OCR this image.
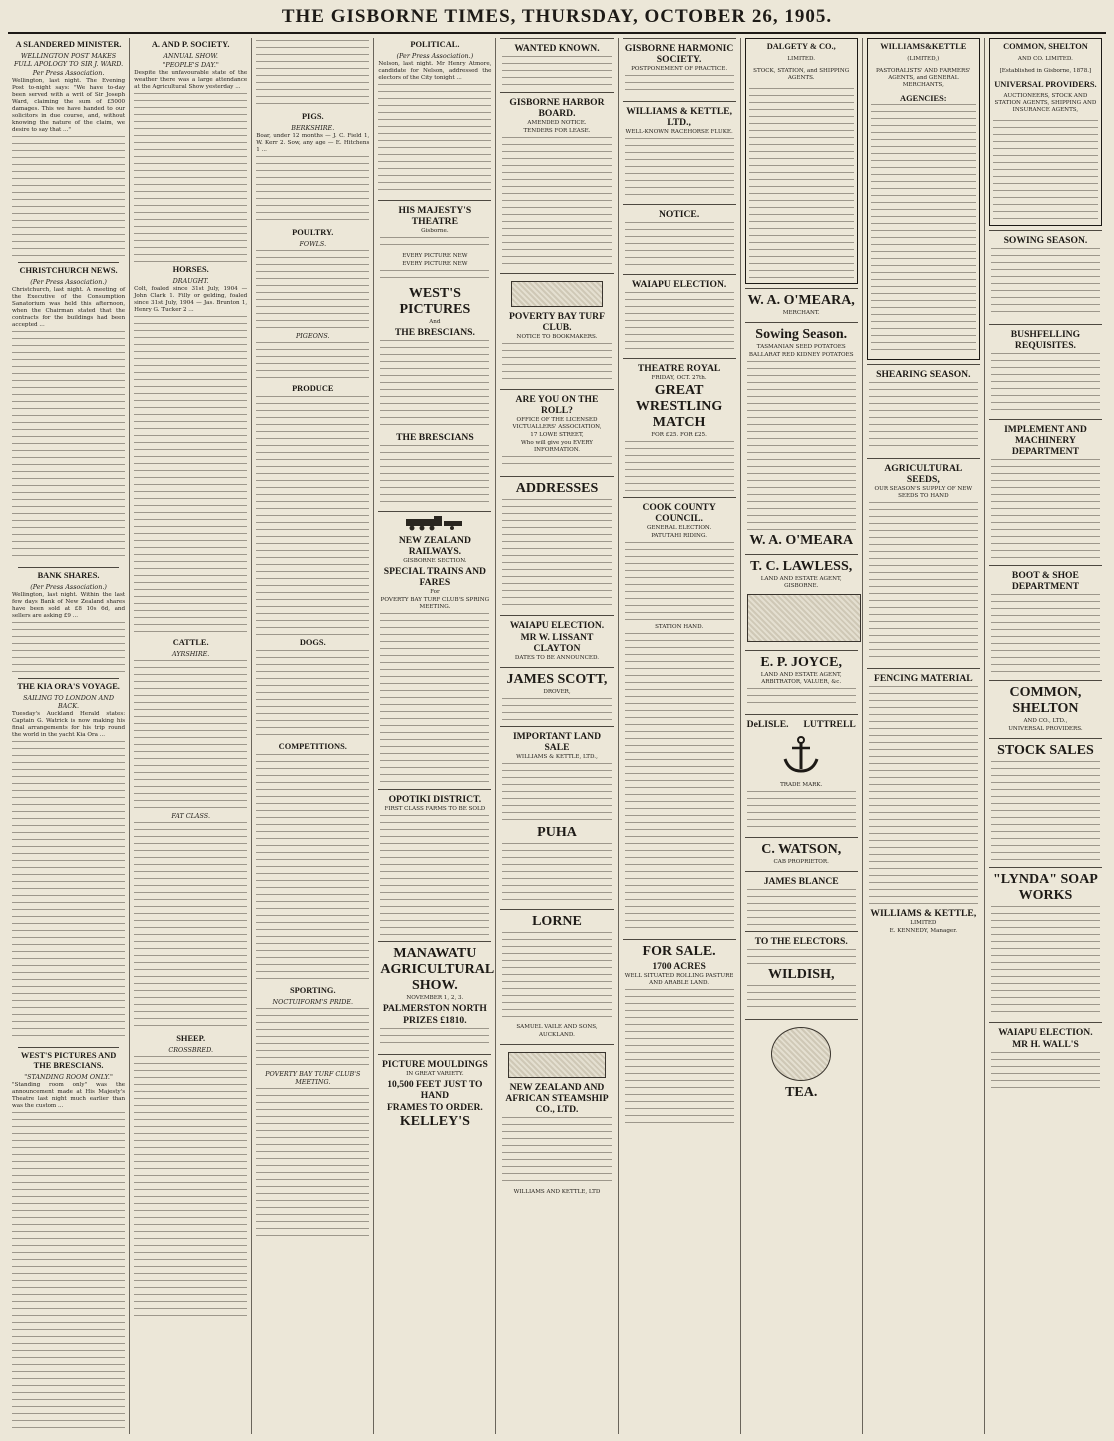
THE GISBORNE TIMES, THURSDAY, OCTOBER 26, 1905.
A SLANDERED MINISTER.
WELLINGTON POST MAKES FULL APOLOGY TO SIR J. WARD.
Per Press Association.

Wellington, last night. The Evening Post to-night says: "We have to-day been served with a writ of Sir Joseph Ward, claiming the sum of £5000 damages. This we have handed to our solicitors in due course, and, without knowing the nature of the claim, we desire to say that ..."

CHRISTCHURCH NEWS.
(Per Press Association.)

Christchurch, last night. A meeting of the Executive of the Consumption Sanatorium was held this afternoon, when the Chairman stated that the contracts for the buildings had been accepted ...

BANK SHARES.
(Per Press Association.)

Wellington, last night. Within the last few days Bank of New Zealand shares have been sold at £8 10s 6d, and sellers are asking £9 ...

THE KIA ORA'S VOYAGE.
SAILING TO LONDON AND BACK.

Tuesday's Auckland Herald states: Captain G. Watrick is now making his final arrangements for his trip round the world in the yacht Kia Ora ...

WEST'S PICTURES AND THE BRESCIANS.
"STANDING ROOM ONLY."

"Standing room only" was the announcement made at His Majesty's Theatre last night much earlier than was the custom ...

A. AND P. SOCIETY.
ANNUAL SHOW.
"PEOPLE'S DAY."

Despite the unfavourable state of the weather there was a large attendance at the Agricultural Show yesterday ...

HORSES.
DRAUGHT.

Colt, foaled since 31st July, 1904 — John Clark 1. Filly or gelding, foaled since 31st July, 1904 — Jas. Brunton 1, Henry G. Tucker 2 ...

CATTLE.
AYRSHIRE.
FAT CLASS.
SHEEP.
CROSSBRED.
PIGS.
BERKSHIRE.

Boar, under 12 months — J. C. Field 1, W. Kerr 2. Sow, any age — E. Hitchens 1 ...

POULTRY.
FOWLS.
PIGEONS.
PRODUCE
DOGS.
COMPETITIONS.
SPORTING.
NOCTUIFORM'S PRIDE.
POVERTY BAY TURF CLUB'S MEETING.
POLITICAL.
(Per Press Association.)

Nelson, last night. Mr Henry Atmore, candidate for Nelson, addressed the electors of the City tonight ...

HIS MAJESTY'S THEATRE

Gisborne.

EVERY PICTURE NEW

EVERY PICTURE NEW

WEST'S PICTURES

And

THE BRESCIANS.
THE BRESCIANS
NEW ZEALAND RAILWAYS.

GISBORNE SECTION.

SPECIAL TRAINS AND FARES

For

POVERTY BAY TURF CLUB'S SPRING MEETING.

OPOTIKI DISTRICT.

FIRST CLASS FARMS TO BE SOLD

MANAWATU AGRICULTURAL SHOW.

NOVEMBER 1, 2, 3.

PALMERSTON NORTH
PRIZES £1810.
PICTURE MOULDINGS

IN GREAT VARIETY.

10,500 FEET JUST TO HAND
FRAMES TO ORDER.
KELLEY'S
WANTED KNOWN.
GISBORNE HARBOR BOARD.

AMENDED NOTICE.

TENDERS FOR LEASE.

POVERTY BAY TURF CLUB.

NOTICE TO BOOKMAKERS.

ARE YOU ON THE ROLL?

OFFICE OF THE LICENSED VICTUALLERS' ASSOCIATION,

17 LOWE STREET,

Who will give you EVERY INFORMATION.

ADDRESSES
WAIAPU ELECTION.
MR W. LISSANT CLAYTON

DATES TO BE ANNOUNCED.

JAMES SCOTT,

DROVER,

IMPORTANT LAND SALE

WILLIAMS & KETTLE, LTD.,

PUHA
LORNE

SAMUEL VAILE AND SONS,

AUCKLAND.

NEW ZEALAND AND AFRICAN STEAMSHIP CO., LTD.

WILLIAMS AND KETTLE, LTD

GISBORNE HARMONIC SOCIETY.

POSTPONEMENT OF PRACTICE.

WILLIAMS & KETTLE, LTD.,

WELL-KNOWN RACEHORSE FLUKE.

NOTICE.
WAIAPU ELECTION.
THEATRE ROYAL

FRIDAY, OCT. 27th.

GREAT WRESTLING MATCH

FOR £25. FOR £25.

COOK COUNTY COUNCIL.

GENERAL ELECTION.

PATUTAHI RIDING.

STATION HAND.

FOR SALE.
1700 ACRES

WELL SITUATED ROLLING PASTURE AND ARABLE LAND.

DALGETY & CO.,

LIMITED.

STOCK, STATION, and SHIPPING AGENTS.

W. A. O'MEARA,

MERCHANT.

Sowing Season.

TASMANIAN SEED POTATOES

BALLARAT RED KIDNEY POTATOES

W. A. O'MEARA
T. C. LAWLESS,

LAND AND ESTATE AGENT, GISBORNE.

E. P. JOYCE,

LAND AND ESTATE AGENT, ARBITRATOR, VALUER, &c.

DeLISLE. LUTTRELL

TRADE MARK.

C. WATSON,

CAB PROPRIETOR.

JAMES BLANCE
TO THE ELECTORS.
WILDISH,
TEA.
WILLIAMS&KETTLE

(LIMITED,)

PASTORALISTS' AND FARMERS' AGENTS, and GENERAL MERCHANTS,

AGENCIES:
SHEARING SEASON.
AGRICULTURAL SEEDS,

OUR SEASON'S SUPPLY OF NEW SEEDS TO HAND

FENCING MATERIAL
WILLIAMS & KETTLE,

LIMITED

E. KENNEDY, Manager.

COMMON, SHELTON

AND CO. LIMITED.

[Established in Gisborne, 1878.]

UNIVERSAL PROVIDERS.

AUCTIONEERS, STOCK AND STATION AGENTS, SHIPPING AND INSURANCE AGENTS,

SOWING SEASON.
BUSHFELLING REQUISITES.
IMPLEMENT AND MACHINERY DEPARTMENT
BOOT & SHOE DEPARTMENT
COMMON, SHELTON

AND CO., LTD.,

UNIVERSAL PROVIDERS.

STOCK SALES
"LYNDA" SOAP WORKS
WAIAPU ELECTION.
MR H. WALL'S
